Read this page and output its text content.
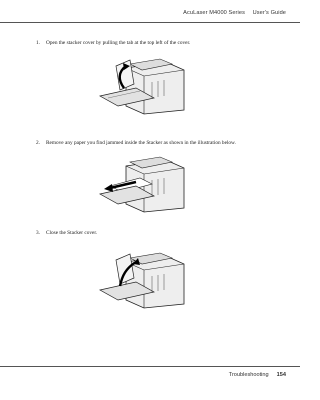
AcuLaser M4000 Series User's Guide
1. Open the stacker cover by pulling the tab at the top left of the cover.
2. Remove any paper you find jammed inside the Stacker as shown in the illustration below.
3. Close the Stacker cover.
Troubleshooting 154
